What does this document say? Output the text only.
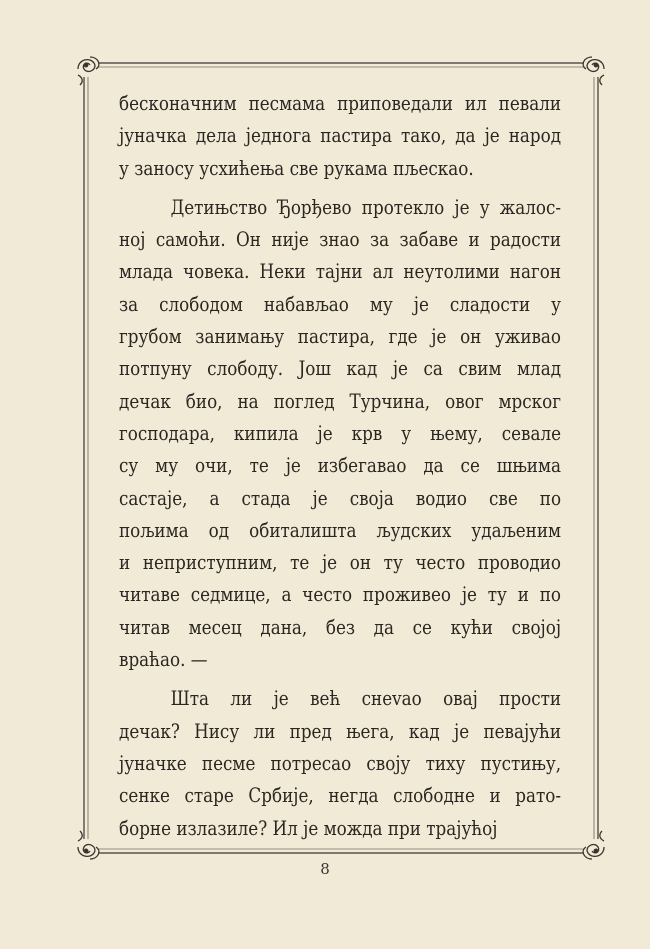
бесконачним песмама приповедали ил певали
јуначка дела једнога пастира тако, да је народ
у заносу усхићења све рукама пљескао.
Детињство Ђорђево протекло је у жалос-
ној самоћи. Он није знао за забаве и радости
млада човека. Неки тајни ал неутолими нагон
за слободом набављао му је сладости у
грубом занимању пастира, где је он уживао
потпуну слободу. Још кад је са свим млад
дечак био, на поглед Турчина, овог мрског
господара, кипила је крв у њему, севале
су му очи, те је избегавао да се шњима
састаје, а стада је своја водио све по
пољима од обиталишта људских удаљеним
и неприступним, те је он ту често проводио
читаве седмице, а често проживео је ту и по
читав месец дана, без да се кући својој
враћао. —
Шта ли је већ снevao овај прости
дечак? Нису ли пред њега, кад је певајући
јуначке песме потресао своју тиху пустињу,
сенке старе Србије, негда слободне и рато-
борне излазиле? Ил је можда при трајућој
8
